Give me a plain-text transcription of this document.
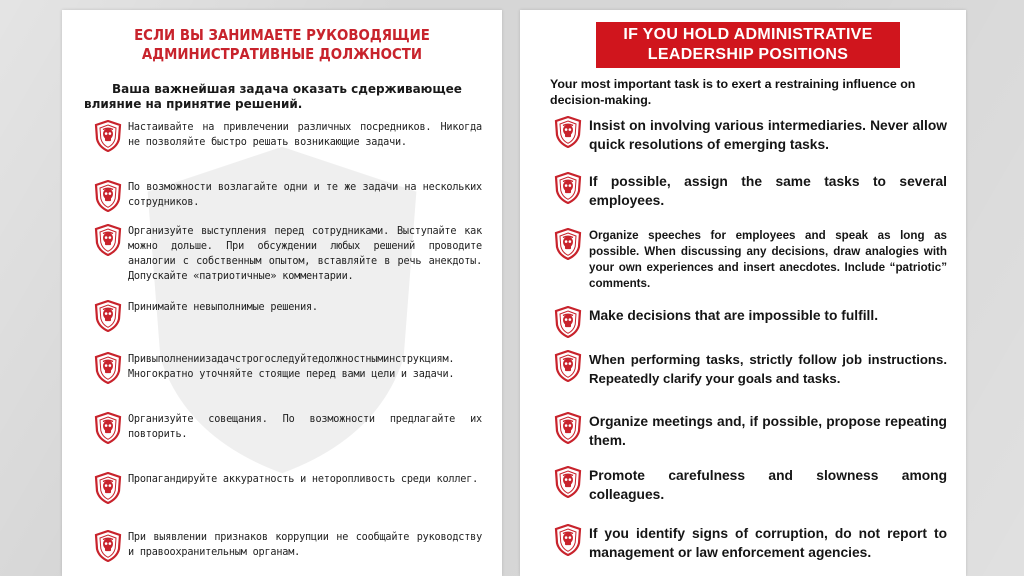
ЕСЛИ ВЫ ЗАНИМАЕТЕ РУКОВОДЯЩИЕ АДМИНИСТРАТИВНЫЕ ДОЛЖНОСТИ
Ваша важнейшая задача оказать сдерживающее влияние на принятие решений.
Настаивайте на привлечении различных посредников. Никогда не позволяйте быстро решать возникающие задачи.
По возможности возлагайте одни и те же задачи на нескольких сотрудников.
Организуйте выступления перед сотрудниками. Выступайте как можно дольше. При обсуждении любых решений проводите аналогии с собственным опытом, вставляйте в речь анекдоты. Допускайте «патриотичные» комментарии.
Принимайте невыполнимые решения.
Привыполнениизадачстрогоследуйтедолжностныминструкциям. Многократно уточняйте стоящие перед вами цели и задачи.
Организуйте совещания. По возможности предлагайте их повторить.
Пропагандируйте аккуратность и неторопливость среди коллег.
При выявлении признаков коррупции не сообщайте руководству и правоохранительным органам.
IF YOU HOLD ADMINISTRATIVE LEADERSHIP POSITIONS
Your most important task is to exert a restraining influence on decision-making.
Insist on involving various intermediaries. Never allow quick resolutions of emerging tasks.
If possible, assign the same tasks to several employees.
Organize speeches for employees and speak as long as possible. When discussing any decisions, draw analogies with your own experiences and insert anecdotes. Include “patriotic” comments.
Make decisions that are impossible to fulfill.
When performing tasks, strictly follow job instructions. Repeatedly clarify your goals and tasks.
Organize meetings and, if possible, propose repeating them.
Promote carefulness and slowness among colleagues.
If you identify signs of corruption, do not report to management or law enforcement agencies.
